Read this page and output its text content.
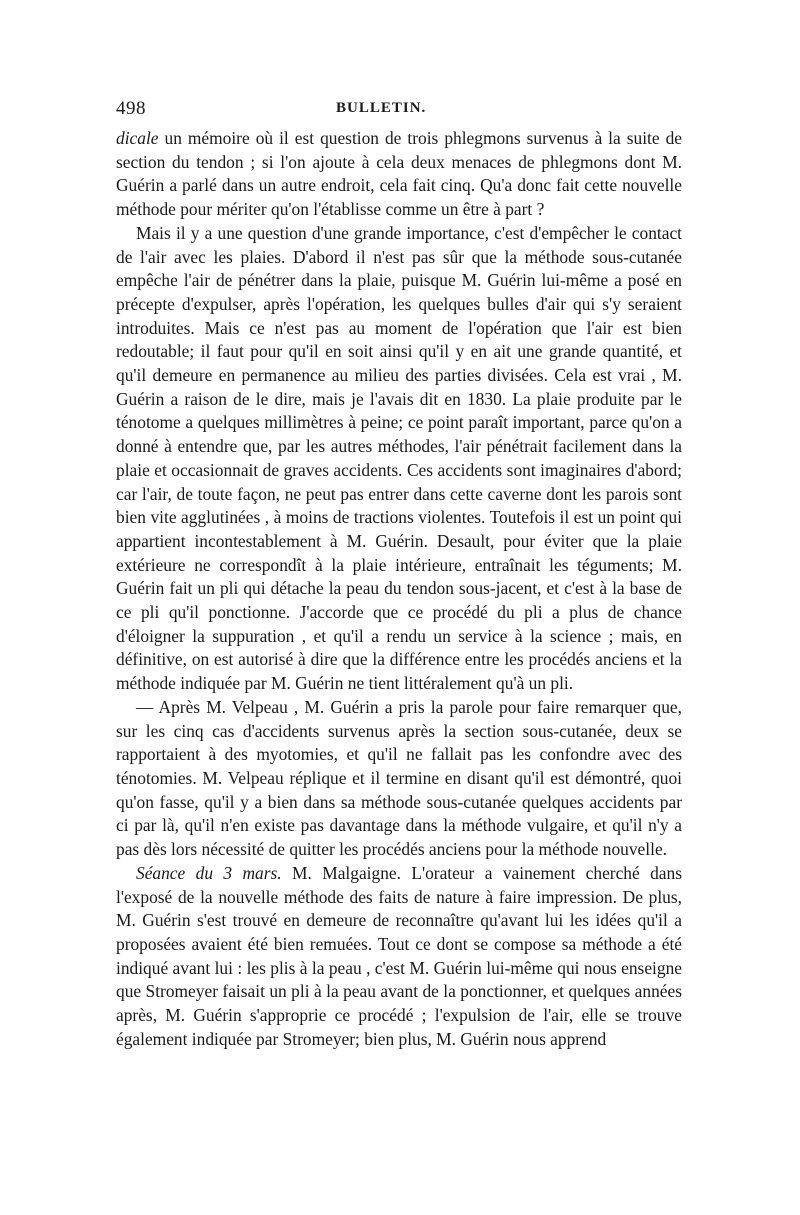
498	BULLETIN.

dicale un mémoire où il est question de trois phlegmons survenus à la suite de section du tendon ; si l'on ajoute à cela deux menaces de phlegmons dont M. Guérin a parlé dans un autre endroit, cela fait cinq. Qu'a donc fait cette nouvelle méthode pour mériter qu'on l'établisse comme un être à part ?

Mais il y a une question d'une grande importance, c'est d'empêcher le contact de l'air avec les plaies. D'abord il n'est pas sûr que la méthode sous-cutanée empêche l'air de pénétrer dans la plaie, puisque M. Guérin lui-même a posé en précepte d'expulser, après l'opération, les quelques bulles d'air qui s'y seraient introduites. Mais ce n'est pas au moment de l'opération que l'air est bien redoutable; il faut pour qu'il en soit ainsi qu'il y en ait une grande quantité, et qu'il demeure en permanence au milieu des parties divisées. Cela est vrai , M. Guérin a raison de le dire, mais je l'avais dit en 1830. La plaie produite par le ténotome a quelques millimètres à peine; ce point paraît important, parce qu'on a donné à entendre que, par les autres méthodes, l'air pénétrait facilement dans la plaie et occasionnait de graves accidents. Ces accidents sont imaginaires d'abord; car l'air, de toute façon, ne peut pas entrer dans cette caverne dont les parois sont bien vite agglutinées , à moins de tractions violentes. Toutefois il est un point qui appartient incontestablement à M. Guérin. Desault, pour éviter que la plaie extérieure ne correspondît à la plaie intérieure, entraînait les téguments; M. Guérin fait un pli qui détache la peau du tendon sous-jacent, et c'est à la base de ce pli qu'il ponctionne. J'accorde que ce procédé du pli a plus de chance d'éloigner la suppuration , et qu'il a rendu un service à la science ; mais, en définitive, on est autorisé à dire que la différence entre les procédés anciens et la méthode indiquée par M. Guérin ne tient littéralement qu'à un pli.

— Après M. Velpeau , M. Guérin a pris la parole pour faire remarquer que, sur les cinq cas d'accidents survenus après la section sous-cutanée, deux se rapportaient à des myotomies, et qu'il ne fallait pas les confondre avec des ténotomies. M. Velpeau réplique et il termine en disant qu'il est démontré, quoi qu'on fasse, qu'il y a bien dans sa méthode sous-cutanée quelques accidents par ci par là, qu'il n'en existe pas davantage dans la méthode vulgaire, et qu'il n'y a pas dès lors nécessité de quitter les procédés anciens pour la méthode nouvelle.

Séance du 3 mars. M. Malgaigne. L'orateur a vainement cherché dans l'exposé de la nouvelle méthode des faits de nature à faire impression. De plus, M. Guérin s'est trouvé en demeure de reconnaître qu'avant lui les idées qu'il a proposées avaient été bien remuées. Tout ce dont se compose sa méthode a été indiqué avant lui : les plis à la peau , c'est M. Guérin lui-même qui nous enseigne que Stromeyer faisait un pli à la peau avant de la ponctionner, et quelques années après, M. Guérin s'approprie ce procédé ; l'expulsion de l'air, elle se trouve également indiquée par Stromeyer; bien plus, M. Guérin nous apprend
